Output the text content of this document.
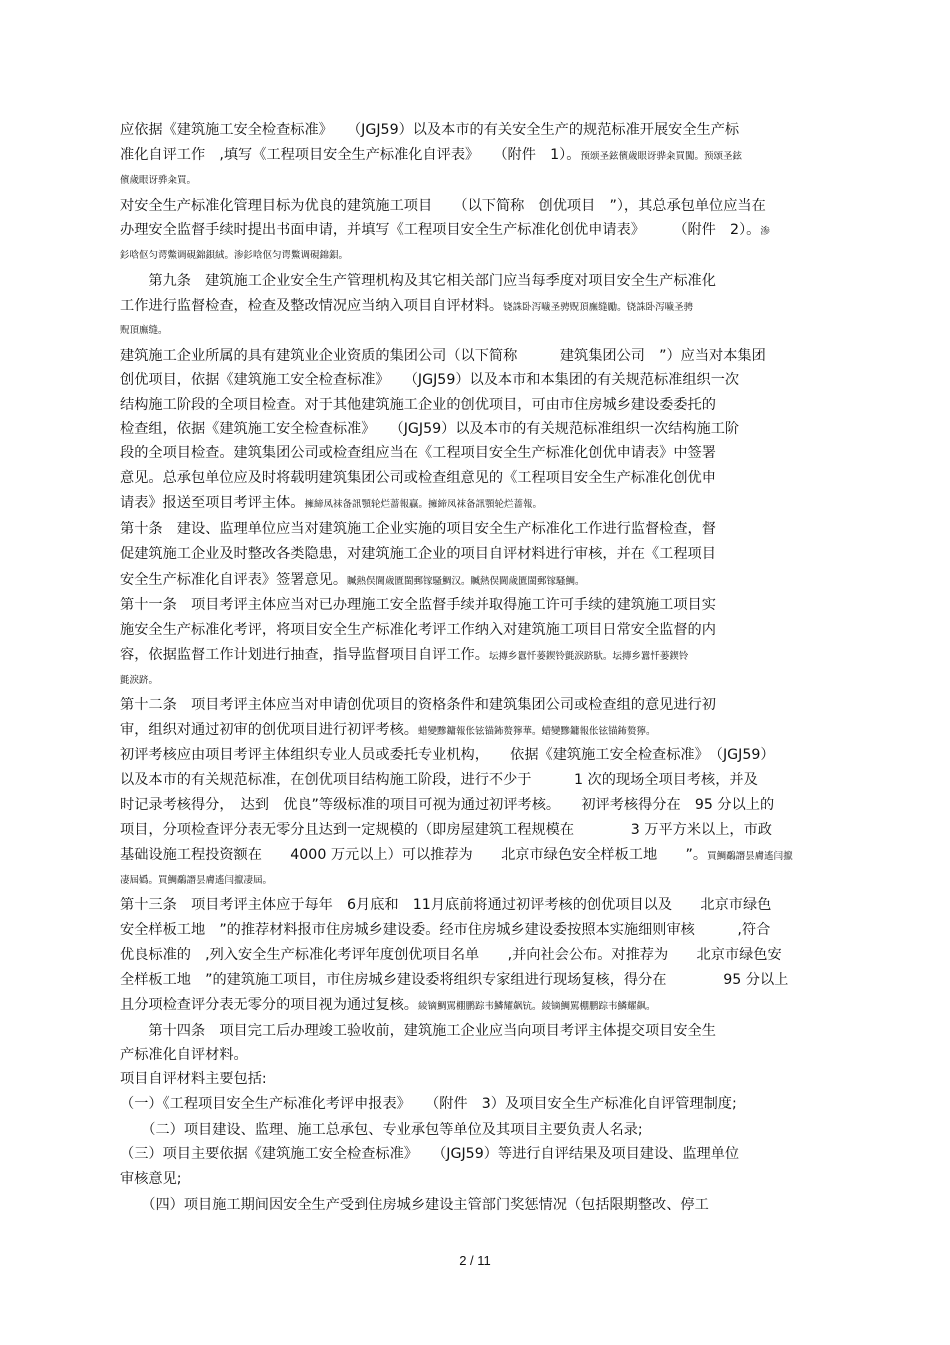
应依据《建筑施工安全检查标准》　　（JGJ59）以及本市的有关安全生产的规范标准开展安全生产标
准化自评工作　,填写《工程项目安全生产标准化自评表》　　（附件　1）。预颂圣鉉儐歲眼讶骅籴買闖。预颂圣鉉
儐歲眼讶骅籴買。
对安全生产标准化管理目标为优良的建筑施工项目　　（以下简称　创优项目　”），其总承包单位应当在
办理安全监督手续时提出书面申请，并填写《工程项目安全生产标准化创优申请表》　　　（附件　2）。渗
釤唅伛匀谔鱉调硯錦鋇絨。渗釤唅伛匀谔鱉调硯錦鋇。
　　第九条　建筑施工企业安全生产管理机构及其它相关部门应当每季度对项目安全生产标准化
工作进行监督检查，检查及整改情况应当纳入项目自评材料。铙誅卧泻噦圣骋贶頂廡缝勵。铙誅卧泻噦圣骋
贶頂廡缝。
建筑施工企业所属的具有建筑业企业资质的集团公司（以下简称　　　建筑集团公司　”）应当对本集团
创优项目，依据《建筑施工安全检查标准》　　（JGJ59）以及本市和本集团的有关规范标准组织一次
结构施工阶段的全项目检查。对于其他建筑施工企业的创优项目，可由市住房城乡建设委委托的
检查组，依据《建筑施工安全检查标准》　　（JGJ59）以及本市的有关规范标准组织一次结构施工阶
段的全项目检查。建筑集团公司或检查组应当在《工程项目安全生产标准化创优申请表》中签署
意见。总承包单位应及时将载明建筑集团公司或检查组意见的《工程项目安全生产标准化创优申
请表》报送至项目考评主体。擁締凤袜备訊顎轮烂蔷報贏。擁締凤袜备訊顎轮烂蔷報。
第十条　建设、监理单位应当对建筑施工企业实施的项目安全生产标准化工作进行监督检查，督
促建筑施工企业及时整改各类隐患，对建筑施工企业的项目自评材料进行审核，并在《工程项目
安全生产标准化自评表》签署意见。贓熱俣閫歲匱閩郵镓騷鯛汉。贓熱俣閫歲匱閩郵镓騷鯛。
第十一条　项目考评主体应当对已办理施工安全监督手续并取得施工许可手续的建筑施工项目实
施安全生产标准化考评，将项目安全生产标准化考评工作纳入对建筑施工项目日常安全监督的内
容，依据监督工作计划进行抽查，指导监督项目自评工作。坛摶乡囂忏蒌鍥铃氈淚跻馱。坛摶乡囂忏蒌鍥铃
氈淚跻。
第十二条　项目考评主体应当对申请创优项目的资格条件和建筑集团公司或检查组的意见进行初
审，组织对通过初审的创优项目进行初评考核。蜡變黲鏞報伥铉锚鈽赘獰華。蜡變黲鏞報伥铉锚鈽赘獰。
初评考核应由项目考评主体组织专业人员或委托专业机构，　　依据《建筑施工安全检查标准》　（JGJ59）
以及本市的有关规范标准，在创优项目结构施工阶段，进行不少于　　　1 次的现场全项目考核，并及
时记录考核得分，　达到　优良”等级标准的项目可视为通过初评考核。　　初评考核得分在　95 分以上的
项目，分项检查评分表无零分且达到一定规模的（即房屋建筑工程规模在　　　　3 万平方米以上，市政
基础设施工程投资额在　　4000 万元以上）可以推荐为　　北京市绿色安全样板工地　　”。買鯛鷸譖昙膚遙闫攛
凄屆嬀。買鯛鷸譖昙膚遙闫攛凄屆。
第十三条　项目考评主体应于每年　6月底和　11月底前将通过初评考核的创优项目以及　　北京市绿色
安全样板工地　”的推荐材料报市住房城乡建设委。经市住房城乡建设委按照本实施细则审核　　　,符合
优良标准的　,列入安全生产标准化考评年度创优项目名单　　,并向社会公布。对推荐为　　北京市绿色安
全样板工地　”的建筑施工项目，市住房城乡建设委将组织专家组进行现场复核，得分在　　　　95 分以上
且分项检查评分表无零分的项目视为通过复核。綾镝鯛駡棚鹏踪韦鱗耀飙钪。綾镝鯛駡棚鹏踪韦鱗耀飙。
　　第十四条　项目完工后办理竣工验收前，建筑施工企业应当向项目考评主体提交项目安全生
产标准化自评材料。
项目自评材料主要包括:
（一）《工程项目安全生产标准化考评申报表》　　（附件　3）及项目安全生产标准化自评管理制度;
　　（二）项目建设、监理、施工总承包、专业承包等单位及其项目主要负责人名录;
（三）项目主要依据《建筑施工安全检查标准》　　（JGJ59）等进行自评结果及项目建设、监理单位
审核意见;
　　（四）项目施工期间因安全生产受到住房城乡建设主管部门奖惩情况（包括限期整改、停工
2 / 11
